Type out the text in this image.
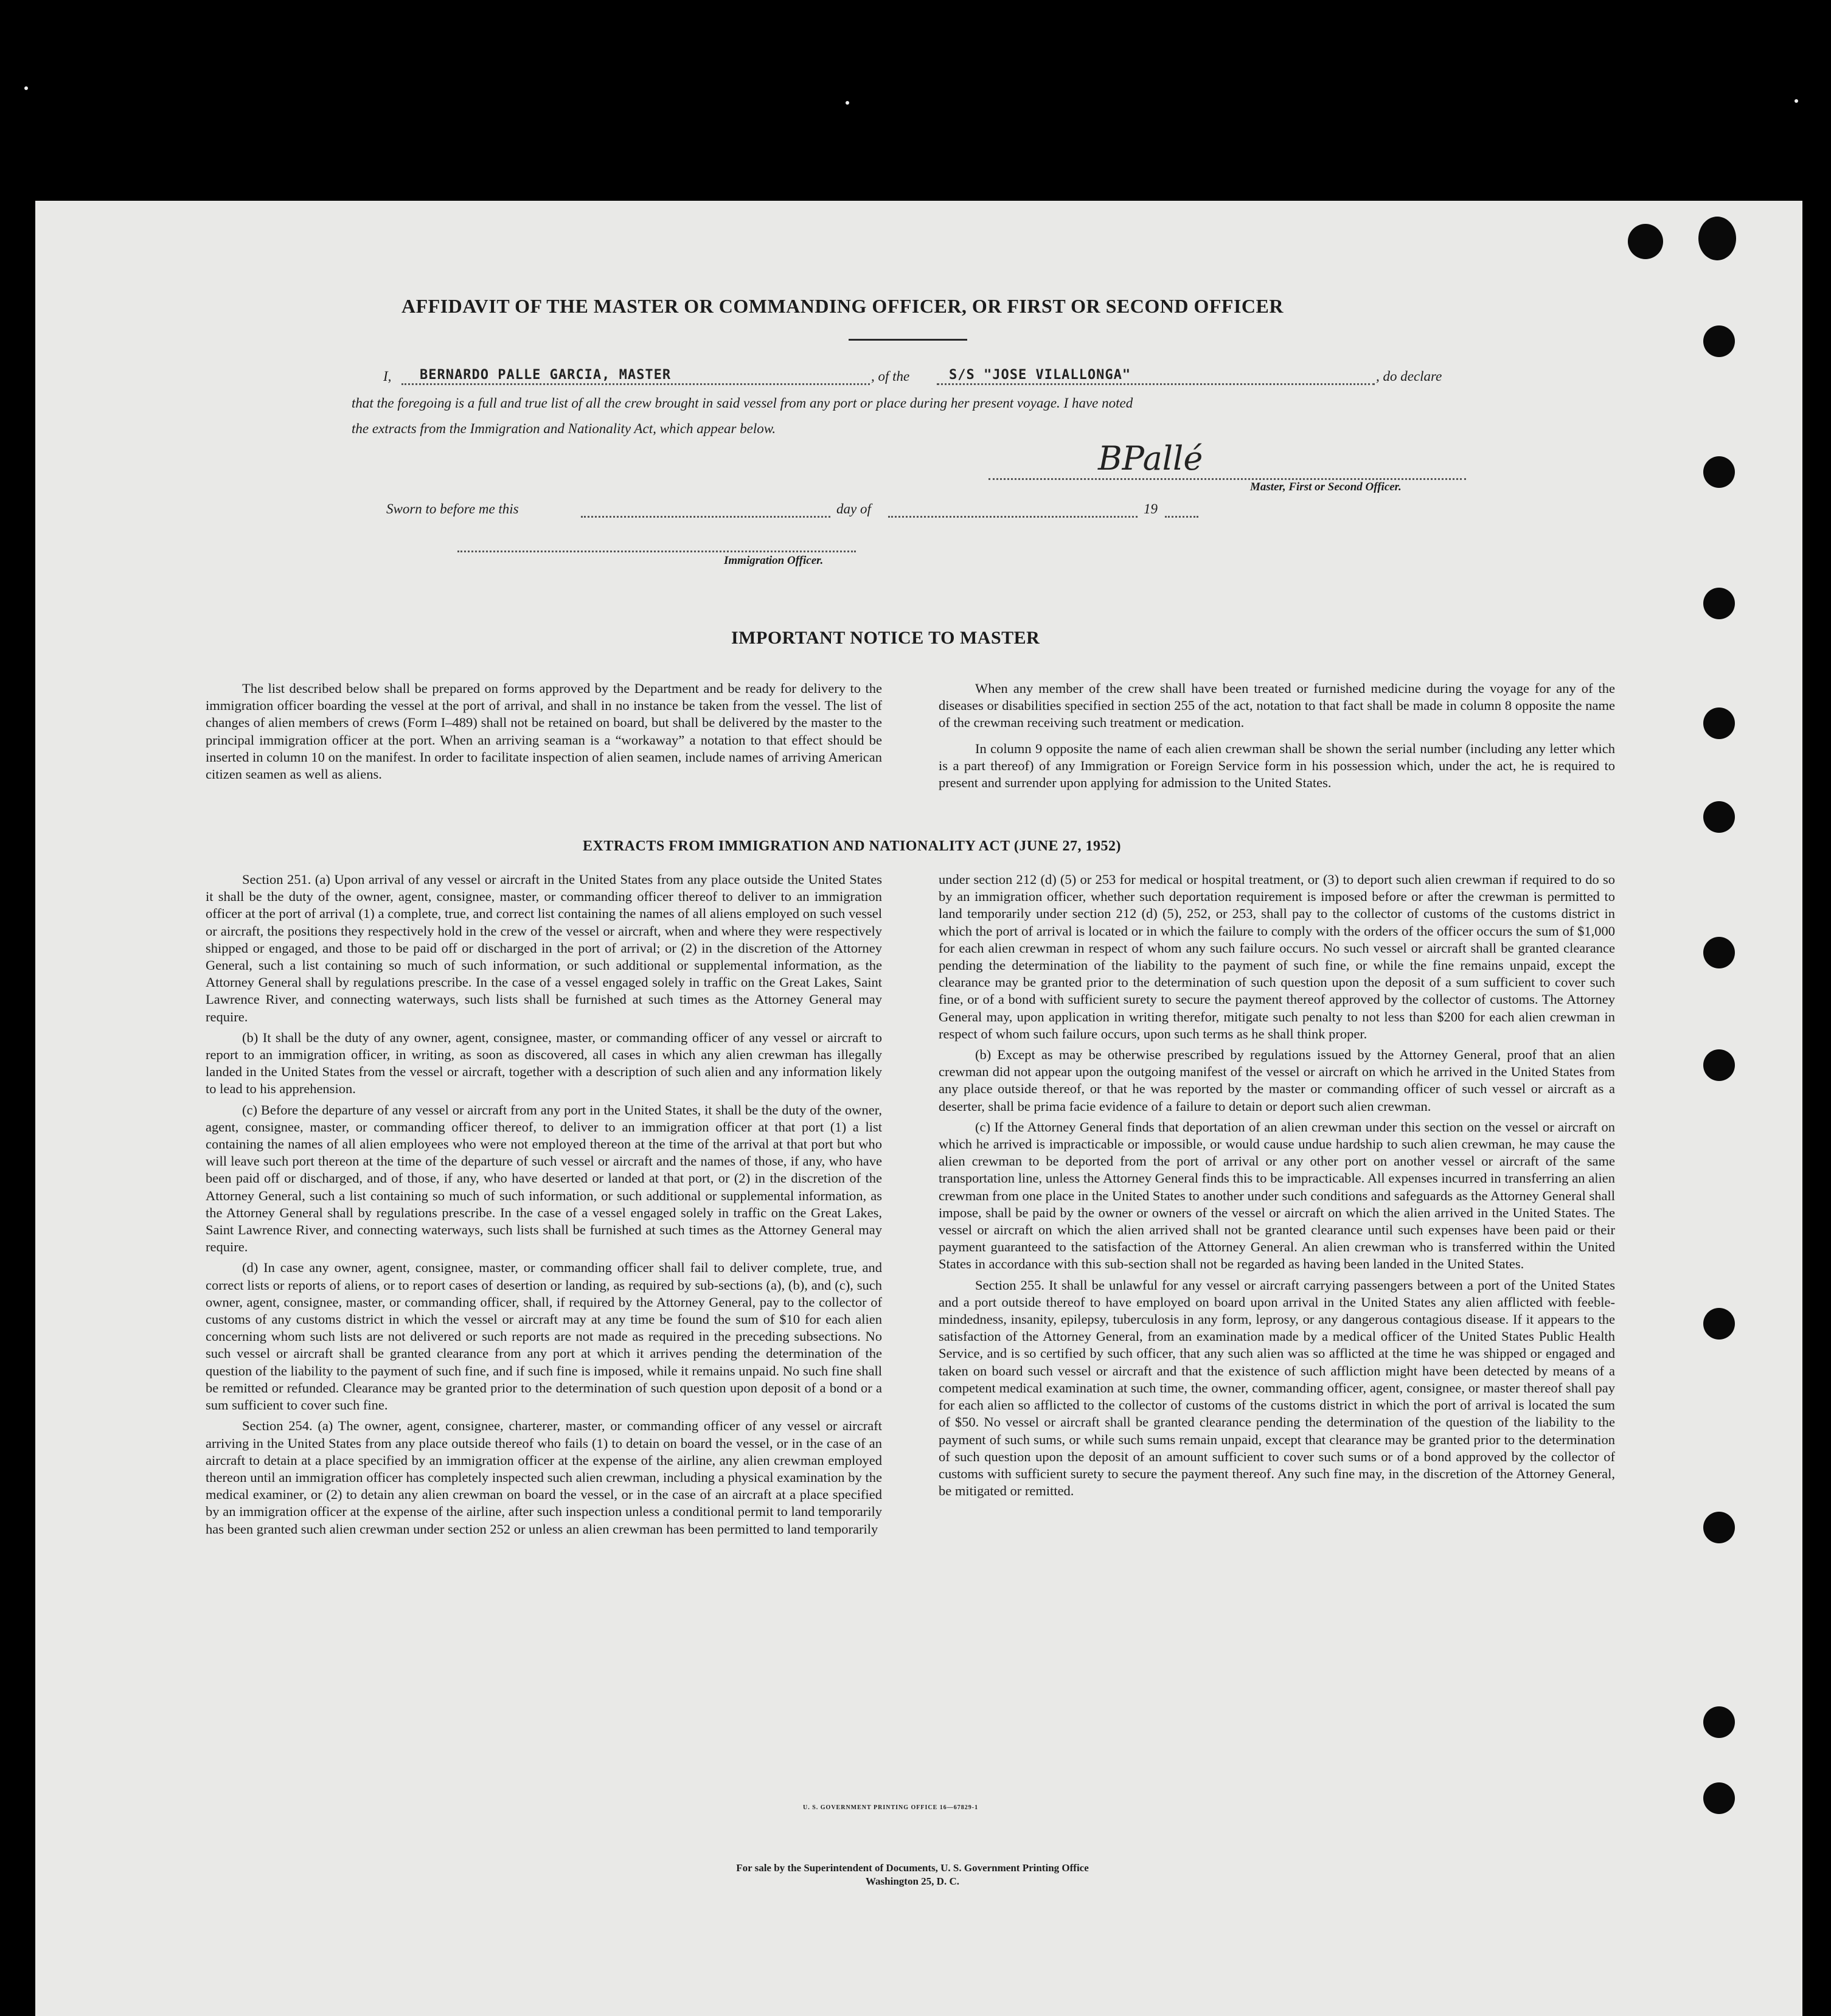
AFFIDAVIT OF THE MASTER OR COMMANDING OFFICER, OR FIRST OR SECOND OFFICER
I, BERNARDO PALLE GARCIA, MASTER	, of the	S/S "JOSE VILALLONGA"	, do declare
that the foregoing is a full and true list of all the crew brought in said vessel from any port or place during her present voyage. I have noted
the extracts from the Immigration and Nationality Act, which appear below.
BPallé
Master, First or Second Officer.
Sworn to before me this	day of	19
Immigration Officer.
IMPORTANT NOTICE TO MASTER

The list described below shall be prepared on forms approved by the Department and be ready for delivery to the immigration officer boarding the vessel at the port of arrival, and shall in no instance be taken from the vessel. The list of changes of alien members of crews (Form I–489) shall not be retained on board, but shall be delivered by the master to the principal immigration officer at the port. When an arriving seaman is a “workaway” a notation to that effect should be inserted in column 10 on the manifest. In order to facilitate inspection of alien seamen, include names of arriving American citizen seamen as well as aliens.

When any member of the crew shall have been treated or furnished medicine during the voyage for any of the diseases or disabilities specified in section 255 of the act, notation to that fact shall be made in column 8 opposite the name of the crewman receiving such treatment or medication.

In column 9 opposite the name of each alien crewman shall be shown the serial number (including any letter which is a part thereof) of any Immigration or Foreign Service form in his possession which, under the act, he is required to present and surrender upon applying for admission to the United States.

EXTRACTS FROM IMMIGRATION AND NATIONALITY ACT (JUNE 27, 1952)

Section 251. (a) Upon arrival of any vessel or aircraft in the United States from any place outside the United States it shall be the duty of the owner, agent, consignee, master, or commanding officer thereof to deliver to an immigration officer at the port of arrival (1) a complete, true, and correct list containing the names of all aliens employed on such vessel or aircraft, the positions they respectively hold in the crew of the vessel or aircraft, when and where they were respectively shipped or engaged, and those to be paid off or discharged in the port of arrival; or (2) in the discretion of the Attorney General, such a list containing so much of such information, or such additional or supplemental information, as the Attorney General shall by regulations prescribe. In the case of a vessel engaged solely in traffic on the Great Lakes, Saint Lawrence River, and connecting waterways, such lists shall be furnished at such times as the Attorney General may require.

(b) It shall be the duty of any owner, agent, consignee, master, or commanding officer of any vessel or aircraft to report to an immigration officer, in writing, as soon as discovered, all cases in which any alien crewman has illegally landed in the United States from the vessel or aircraft, together with a description of such alien and any information likely to lead to his apprehension.

(c) Before the departure of any vessel or aircraft from any port in the United States, it shall be the duty of the owner, agent, consignee, master, or commanding officer thereof, to deliver to an immigration officer at that port (1) a list containing the names of all alien employees who were not employed thereon at the time of the arrival at that port but who will leave such port thereon at the time of the departure of such vessel or aircraft and the names of those, if any, who have been paid off or discharged, and of those, if any, who have deserted or landed at that port, or (2) in the discretion of the Attorney General, such a list containing so much of such information, or such additional or supplemental information, as the Attorney General shall by regulations prescribe. In the case of a vessel engaged solely in traffic on the Great Lakes, Saint Lawrence River, and connecting waterways, such lists shall be furnished at such times as the Attorney General may require.

(d) In case any owner, agent, consignee, master, or commanding officer shall fail to deliver complete, true, and correct lists or reports of aliens, or to report cases of desertion or landing, as required by sub-sections (a), (b), and (c), such owner, agent, consignee, master, or commanding officer, shall, if required by the Attorney General, pay to the collector of customs of any customs district in which the vessel or aircraft may at any time be found the sum of $10 for each alien concerning whom such lists are not delivered or such reports are not made as required in the preceding subsections. No such vessel or aircraft shall be granted clearance from any port at which it arrives pending the determination of the question of the liability to the payment of such fine, and if such fine is imposed, while it remains unpaid. No such fine shall be remitted or refunded. Clearance may be granted prior to the determination of such question upon deposit of a bond or a sum sufficient to cover such fine.

Section 254. (a) The owner, agent, consignee, charterer, master, or commanding officer of any vessel or aircraft arriving in the United States from any place outside thereof who fails (1) to detain on board the vessel, or in the case of an aircraft to detain at a place specified by an immigration officer at the expense of the airline, any alien crewman employed thereon until an immigration officer has completely inspected such alien crewman, including a physical examination by the medical examiner, or (2) to detain any alien crewman on board the vessel, or in the case of an aircraft at a place specified by an immigration officer at the expense of the airline, after such inspection unless a conditional permit to land temporarily has been granted such alien crewman under section 252 or unless an alien crewman has been permitted to land temporarily

under section 212 (d) (5) or 253 for medical or hospital treatment, or (3) to deport such alien crewman if required to do so by an immigration officer, whether such deportation requirement is imposed before or after the crewman is permitted to land temporarily under section 212 (d) (5), 252, or 253, shall pay to the collector of customs of the customs district in which the port of arrival is located or in which the failure to comply with the orders of the officer occurs the sum of $1,000 for each alien crewman in respect of whom any such failure occurs. No such vessel or aircraft shall be granted clearance pending the determination of the liability to the payment of such fine, or while the fine remains unpaid, except the clearance may be granted prior to the determination of such question upon the deposit of a sum sufficient to cover such fine, or of a bond with sufficient surety to secure the payment thereof approved by the collector of customs. The Attorney General may, upon application in writing therefor, mitigate such penalty to not less than $200 for each alien crewman in respect of whom such failure occurs, upon such terms as he shall think proper.

(b) Except as may be otherwise prescribed by regulations issued by the Attorney General, proof that an alien crewman did not appear upon the outgoing manifest of the vessel or aircraft on which he arrived in the United States from any place outside thereof, or that he was reported by the master or commanding officer of such vessel or aircraft as a deserter, shall be prima facie evidence of a failure to detain or deport such alien crewman.

(c) If the Attorney General finds that deportation of an alien crewman under this section on the vessel or aircraft on which he arrived is impracticable or impossible, or would cause undue hardship to such alien crewman, he may cause the alien crewman to be deported from the port of arrival or any other port on another vessel or aircraft of the same transportation line, unless the Attorney General finds this to be impracticable. All expenses incurred in transferring an alien crewman from one place in the United States to another under such conditions and safeguards as the Attorney General shall impose, shall be paid by the owner or owners of the vessel or aircraft on which the alien arrived in the United States. The vessel or aircraft on which the alien arrived shall not be granted clearance until such expenses have been paid or their payment guaranteed to the satisfaction of the Attorney General. An alien crewman who is transferred within the United States in accordance with this sub-section shall not be regarded as having been landed in the United States.

Section 255. It shall be unlawful for any vessel or aircraft carrying passengers between a port of the United States and a port outside thereof to have employed on board upon arrival in the United States any alien afflicted with feeble-mindedness, insanity, epilepsy, tuberculosis in any form, leprosy, or any dangerous contagious disease. If it appears to the satisfaction of the Attorney General, from an examination made by a medical officer of the United States Public Health Service, and is so certified by such officer, that any such alien was so afflicted at the time he was shipped or engaged and taken on board such vessel or aircraft and that the existence of such affliction might have been detected by means of a competent medical examination at such time, the owner, commanding officer, agent, consignee, or master thereof shall pay for each alien so afflicted to the collector of customs of the customs district in which the port of arrival is located the sum of $50. No vessel or aircraft shall be granted clearance pending the determination of the question of the liability to the payment of such sums, or while such sums remain unpaid, except that clearance may be granted prior to the determination of such question upon the deposit of an amount sufficient to cover such sums or of a bond approved by the collector of customs with sufficient surety to secure the payment thereof. Any such fine may, in the discretion of the Attorney General, be mitigated or remitted.

U. S. GOVERNMENT PRINTING OFFICE 16—67829-1
For sale by the Superintendent of Documents, U. S. Government Printing Office
Washington 25, D. C.
